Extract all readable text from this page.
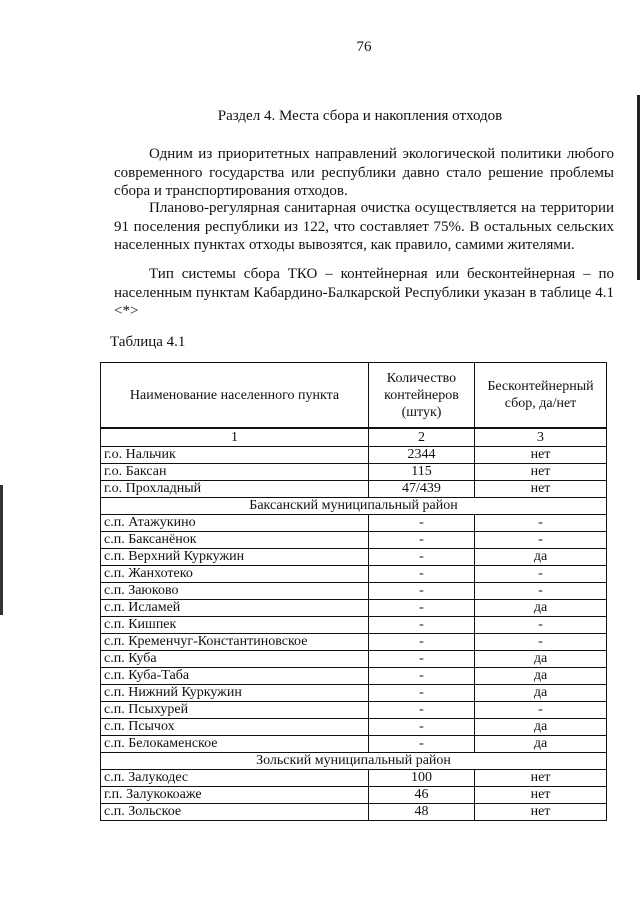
76
Раздел 4. Места сбора и накопления отходов

Одним из приоритетных направлений экологической политики любого современного государства или республики давно стало решение проблемы сбора и транспортирования отходов.

Планово-регулярная санитарная очистка осуществляется на территории 91 поселения республики из 122, что составляет 75%. В остальных сельских населенных пунктах отходы вывозятся, как правило, самими жителями.

Тип системы сбора ТКО – контейнерная или бесконтейнерная – по населенным пунктам Кабардино-Балкарской Республики указан в таблице 4.1 <*>

Таблица 4.1
Наименование населенного пункта	Количество контейнеров (штук)	Бесконтейнерный сбор, да/нет
1	2	3
г.о. Нальчик	2344	нет
г.о. Баксан	115	нет
г.о. Прохладный	47/439	нет
Баксанский муниципальный район		
с.п. Атажукино	-	-
с.п. Баксанёнок	-	-
с.п. Верхний Куркужин	-	да
с.п. Жанхотеко	-	-
с.п. Заюково	-	-
с.п. Исламей	-	да
с.п. Кишпек	-	-
с.п. Кременчуг-Константиновское	-	-
с.п. Куба	-	да
с.п. Куба-Таба	-	да
с.п. Нижний Куркужин	-	да
с.п. Псыхурей	-	-
с.п. Псычох	-	да
с.п. Белокаменское	-	да
Зольский муниципальный район		
с.п. Залукодес	100	нет
г.п. Залукокоаже	46	нет
с.п. Зольское	48	нет
